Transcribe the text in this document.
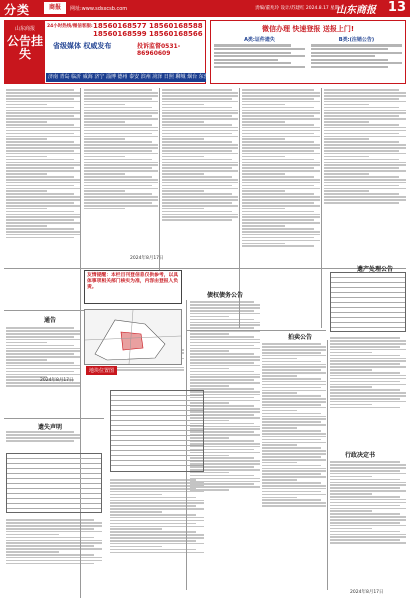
分类	商报	网址:www.sdsxcsb.com	责编/董兆玲 设计/苏建红 2024.8.17 星期六
山东商报 13
山东商报
公告挂失
24小时热线/微信客服: 18560168577 18560168588
18560168599 18560168566
省级媒体 权威发布	投诉监督0531-86960609
济南 青岛 临沂 威海 济宁 淄博 德州 泰安 滨州 菏泽 日照 聊城 烟台 东营 枣庄 潍坊 莱芜
微信办理 快速登报 送报上门!
A类:证件遗失	B类:(注销公告)
通告
遗失声明
债权债务公告
拍卖公告
遗产处理公告
行政决定书
友情提醒：本栏目刊登信息仅供参考，以具体事项相关部门核实为准，内容由登报人负责。
地块位置图
2024年8月17日
2024年8月17日
2024年8月17日
